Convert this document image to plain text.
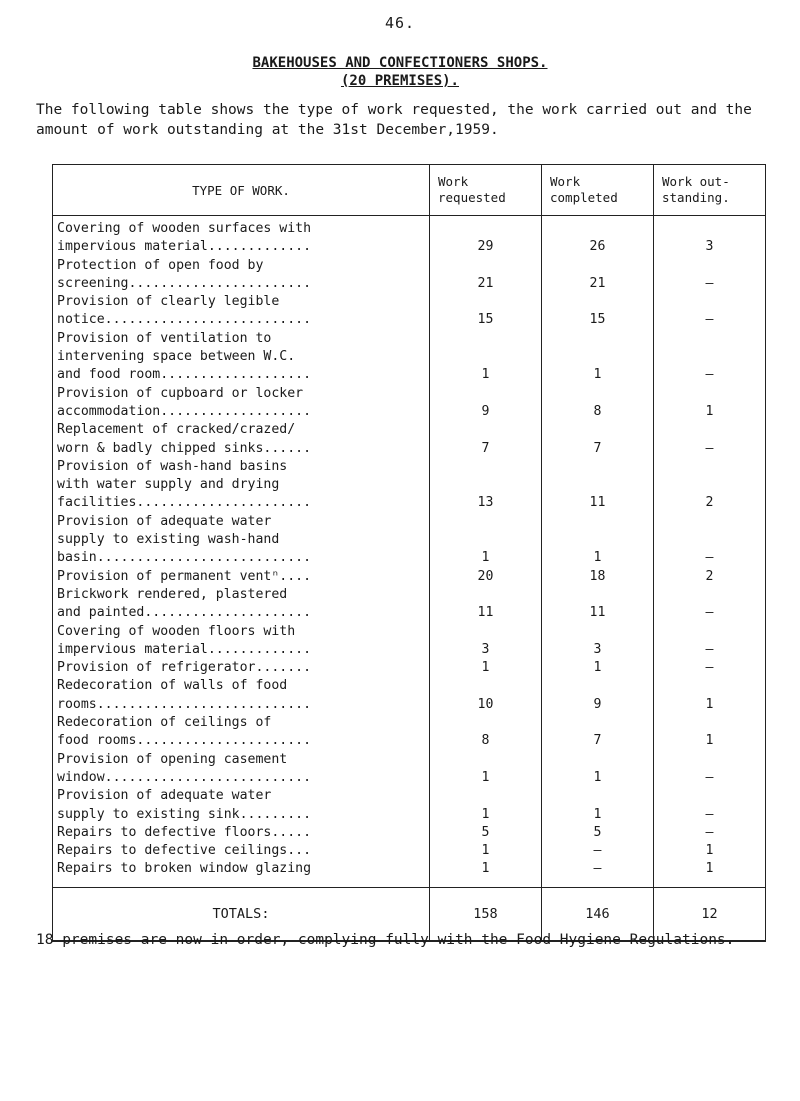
46.
BAKEHOUSES AND CONFECTIONERS SHOPS.
(20 PREMISES).
The following table shows the type of work requested, the work carried out and the amount of work outstanding at the 31st December,1959.
TYPE OF WORK.	Work requested	Work completed	Work out-standing.
Covering of wooden surfaces with
impervious material.............	29	26	3
Protection of open food by
screening.......................	21	21	–
Provision of clearly legible
notice..........................	15	15	–
Provision of ventilation to
intervening space between W.C.
and food room...................	1	1	–
Provision of cupboard or locker
accommodation...................	9	8	1
Replacement of cracked/crazed/
worn & badly chipped sinks......	7	7	–
Provision of wash-hand basins
with water supply and drying
facilities......................	13	11	2
Provision of adequate water
supply to existing wash-hand
basin...........................	1	1	–
Provision of permanent ventⁿ....	20	18	2
Brickwork rendered, plastered
and painted.....................	11	11	–
Covering of wooden floors with
impervious material.............	3	3	–
Provision of refrigerator.......	1	1	–
Redecoration of walls of food
rooms...........................	10	9	1
Redecoration of ceilings of
food rooms......................	8	7	1
Provision of opening casement
window..........................	1	1	–
Provision of adequate water
supply to existing sink.........	1	1	–
Repairs to defective floors.....	5	5	–
Repairs to defective ceilings...	1	–	1
Repairs to broken window glazing	1	–	1
TOTALS:	158	146	12
18 premises are now in order, complying fully with the Food Hygiene Regulations.
